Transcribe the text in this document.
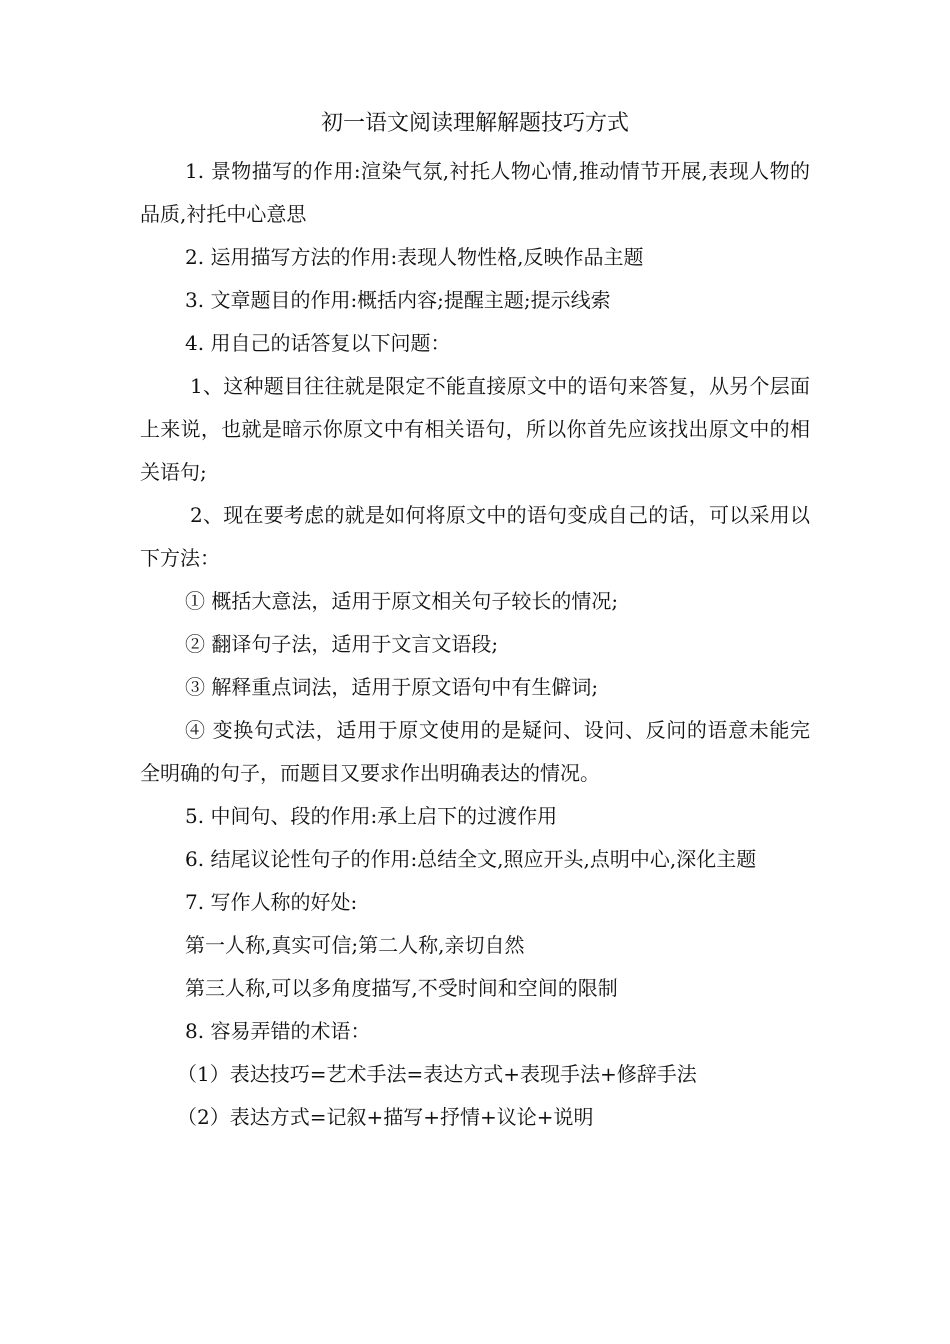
初一语文阅读理解解题技巧方式

1. 景物描写的作用:渲染气氛,衬托人物心情,推动情节开展,表现人物的品质,衬托中心意思

2. 运用描写方法的作用:表现人物性格,反映作品主题

3. 文章题目的作用:概括内容;提醒主题;提示线索

4. 用自己的话答复以下问题：

1、这种题目往往就是限定不能直接原文中的语句来答复，从另个层面上来说，也就是暗示你原文中有相关语句，所以你首先应该找出原文中的相关语句;

2、现在要考虑的就是如何将原文中的语句变成自己的话，可以采用以下方法：

① 概括大意法，适用于原文相关句子较长的情况;

② 翻译句子法，适用于文言文语段;

③ 解释重点词法，适用于原文语句中有生僻词;

④ 变换句式法，适用于原文使用的是疑问、设问、反问的语意未能完全明确的句子，而题目又要求作出明确表达的情况。

5. 中间句、段的作用:承上启下的过渡作用

6. 结尾议论性句子的作用:总结全文,照应开头,点明中心,深化主题

7. 写作人称的好处:

第一人称,真实可信;第二人称,亲切自然

第三人称,可以多角度描写,不受时间和空间的限制

8. 容易弄错的术语：

（1）表达技巧=艺术手法=表达方式+表现手法+修辞手法

（2）表达方式=记叙+描写+抒情+议论+说明
